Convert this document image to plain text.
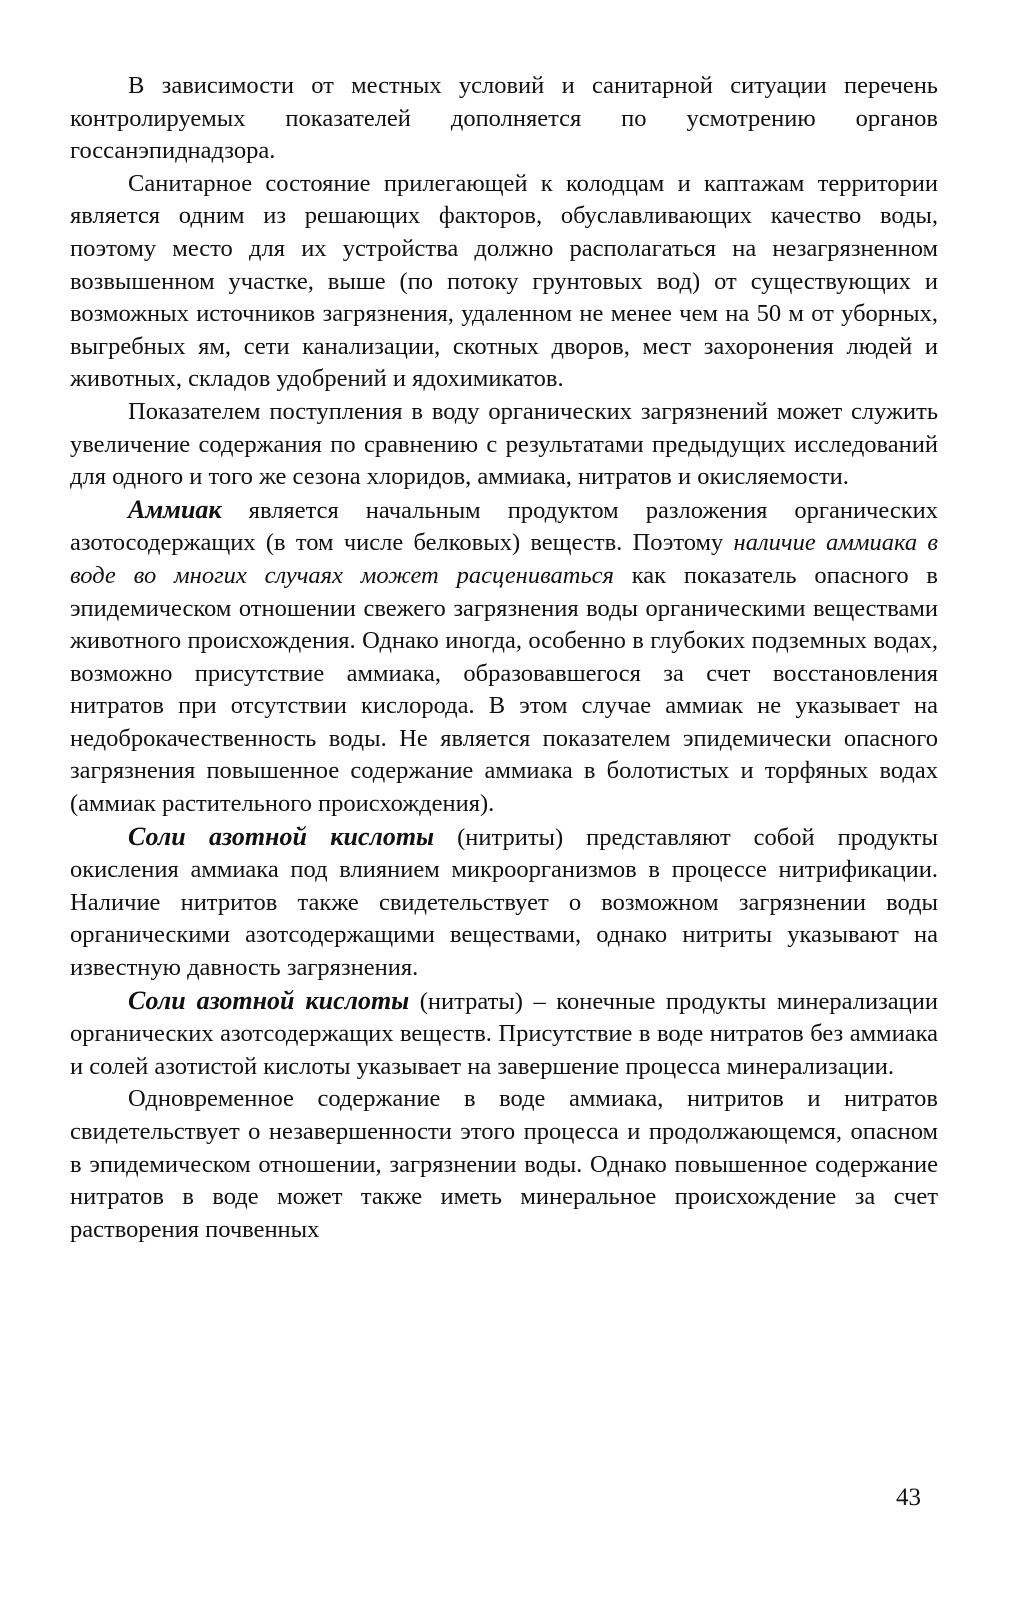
В зависимости от местных условий и санитарной ситуации перечень контролируемых показателей дополняется по усмотрению органов госсанэпиднадзора.

Санитарное состояние прилегающей к колодцам и каптажам территории является одним из решающих факторов, обуславливающих качество воды, поэтому место для их устройства должно располагаться на незагрязненном возвышенном участке, выше (по потоку грунтовых вод) от существующих и возможных источников загрязнения, удаленном не менее чем на 50 м от уборных, выгребных ям, сети канализации, скотных дворов, мест захоронения людей и животных, складов удобрений и ядохимикатов.

Показателем поступления в воду органических загрязнений может служить увеличение содержания по сравнению с результатами предыдущих исследований для одного и того же сезона хлоридов, аммиака, нитратов и окисляемости.

Аммиак является начальным продуктом разложения органических азотосодержащих (в том числе белковых) веществ. Поэтому наличие аммиака в воде во многих случаях может расцениваться как показатель опасного в эпидемическом отношении свежего загрязнения воды органическими веществами животного происхождения. Однако иногда, особенно в глубоких подземных водах, возможно присутствие аммиака, образовавшегося за счет восстановления нитратов при отсутствии кислорода. В этом случае аммиак не указывает на недоброкачественность воды. Не является показателем эпидемически опасного загрязнения повышенное содержание аммиака в болотистых и торфяных водах (аммиак растительного происхождения).

Соли азотной кислоты (нитриты) представляют собой продукты окисления аммиака под влиянием микроорганизмов в процессе нитрификации. Наличие нитритов также свидетельствует о возможном загрязнении воды органическими азотсодержащими веществами, однако нитриты указывают на известную давность загрязнения.

Соли азотной кислоты (нитраты) – конечные продукты минерализации органических азотсодержащих веществ. Присутствие в воде нитратов без аммиака и солей азотистой кислоты указывает на завершение процесса минерализации.

Одновременное содержание в воде аммиака, нитритов и нитратов свидетельствует о незавершенности этого процесса и продолжающемся, опасном в эпидемическом отношении, загрязнении воды. Однако повышенное содержание нитратов в воде может также иметь минеральное происхождение за счет растворения почвенных

43
